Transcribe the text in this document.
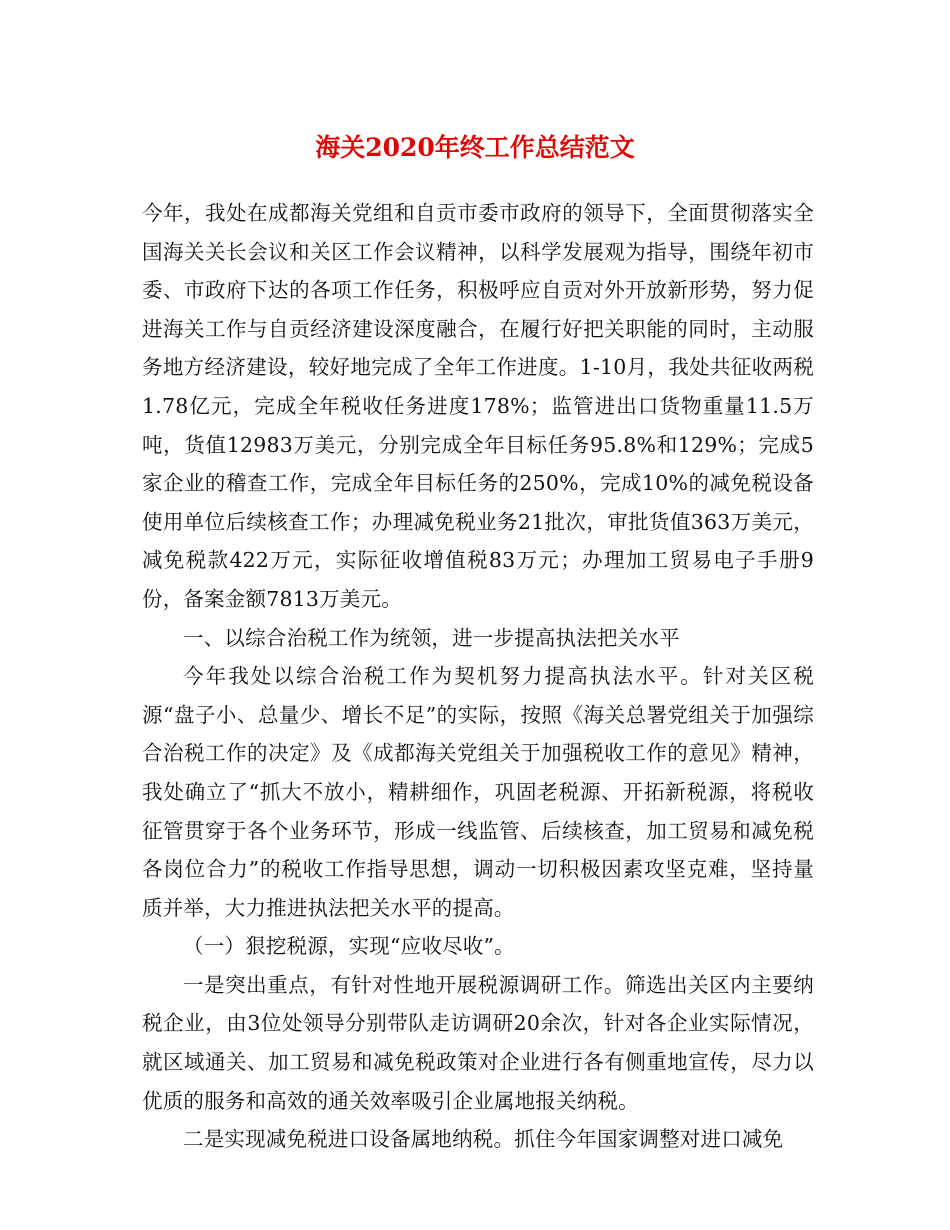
海关2020年终工作总结范文

今年，我处在成都海关党组和自贡市委市政府的领导下，全面贯彻落实全国海关关长会议和关区工作会议精神，以科学发展观为指导，围绕年初市委、市政府下达的各项工作任务，积极呼应自贡对外开放新形势，努力促进海关工作与自贡经济建设深度融合，在履行好把关职能的同时，主动服务地方经济建设，较好地完成了全年工作进度。1-10月，我处共征收两税1.78亿元，完成全年税收任务进度178%；监管进出口货物重量11.5万吨，货值12983万美元，分别完成全年目标任务95.8%和129%；完成5家企业的稽查工作，完成全年目标任务的250%，完成10%的减免税设备使用单位后续核查工作；办理减免税业务21批次，审批货值363万美元，减免税款422万元，实际征收增值税83万元；办理加工贸易电子手册9份，备案金额7813万美元。

一、以综合治税工作为统领，进一步提高执法把关水平

今年我处以综合治税工作为契机努力提高执法水平。针对关区税源“盘子小、总量少、增长不足”的实际，按照《海关总署党组关于加强综合治税工作的决定》及《成都海关党组关于加强税收工作的意见》精神，我处确立了“抓大不放小，精耕细作，巩固老税源、开拓新税源，将税收征管贯穿于各个业务环节，形成一线监管、后续核查，加工贸易和减免税各岗位合力”的税收工作指导思想，调动一切积极因素攻坚克难，坚持量质并举，大力推进执法把关水平的提高。

（一）狠挖税源，实现“应收尽收”。

一是突出重点，有针对性地开展税源调研工作。筛选出关区内主要纳税企业，由3位处领导分别带队走访调研20余次，针对各企业实际情况，就区域通关、加工贸易和减免税政策对企业进行各有侧重地宣传，尽力以优质的服务和高效的通关效率吸引企业属地报关纳税。

二是实现减免税进口设备属地纳税。抓住今年国家调整对进口减免
